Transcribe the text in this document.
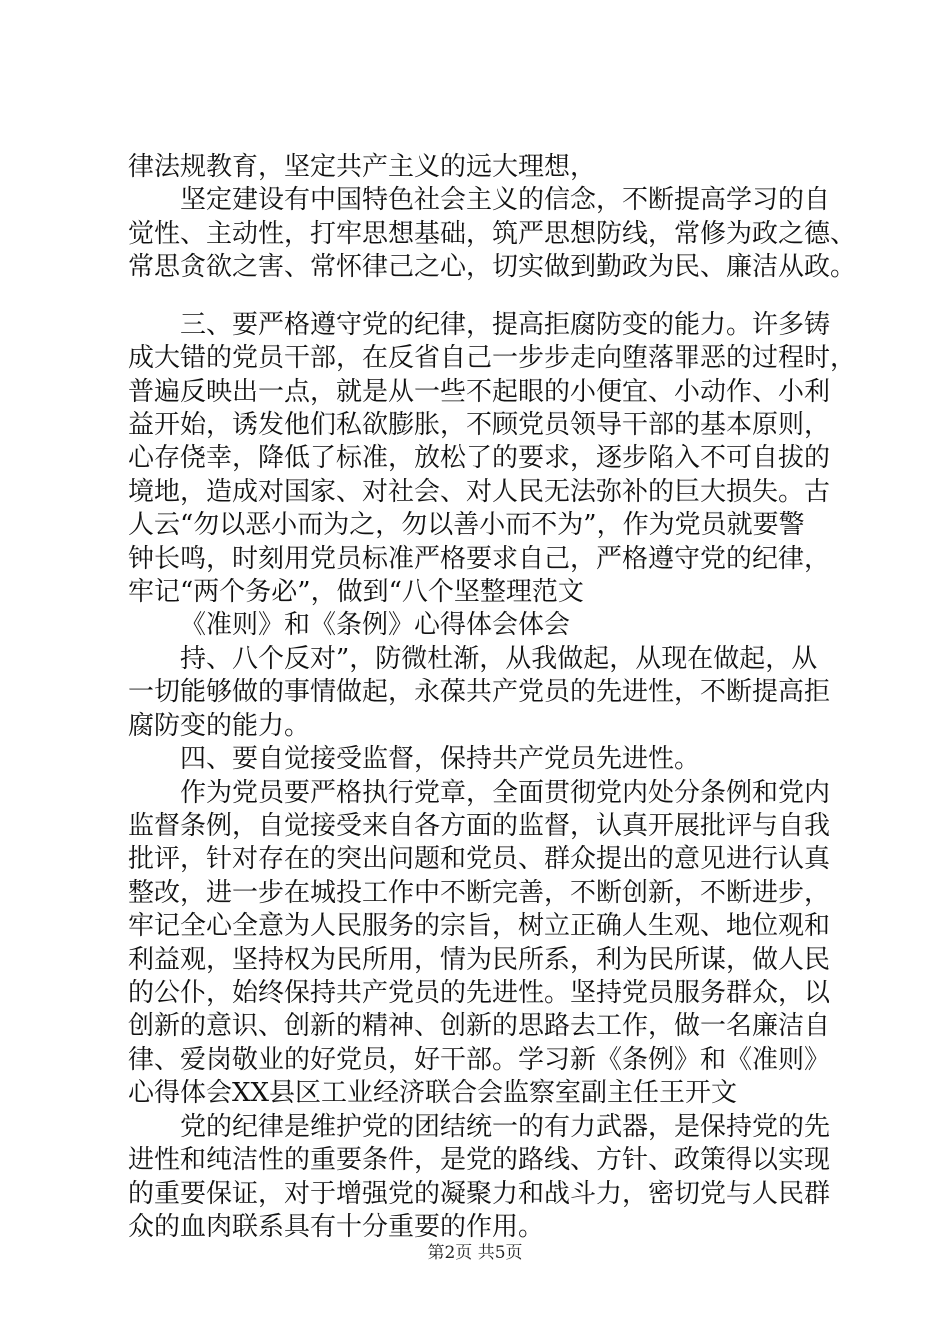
律法规教育，坚定共产主义的远大理想，
坚定建设有中国特色社会主义的信念，不断提高学习的自
觉性、主动性，打牢思想基础，筑严思想防线，常修为政之德、
常思贪欲之害、常怀律己之心，切实做到勤政为民、廉洁从政。
三、要严格遵守党的纪律，提高拒腐防变的能力。许多铸
成大错的党员干部，在反省自己一步步走向堕落罪恶的过程时，
普遍反映出一点，就是从一些不起眼的小便宜、小动作、小利
益开始，诱发他们私欲膨胀，不顾党员领导干部的基本原则，
心存侥幸，降低了标准，放松了的要求，逐步陷入不可自拔的
境地，造成对国家、对社会、对人民无法弥补的巨大损失。古
人云“勿以恶小而为之，勿以善小而不为”，作为党员就要警
钟长鸣，时刻用党员标准严格要求自己，严格遵守党的纪律，
牢记“两个务必”，做到“八个坚整理范文
《准则》和《条例》心得体会体会
持、八个反对”，防微杜渐，从我做起，从现在做起，从
一切能够做的事情做起，永葆共产党员的先进性，不断提高拒
腐防变的能力。
四、要自觉接受监督，保持共产党员先进性。
作为党员要严格执行党章，全面贯彻党内处分条例和党内
监督条例，自觉接受来自各方面的监督，认真开展批评与自我
批评，针对存在的突出问题和党员、群众提出的意见进行认真
整改，进一步在城投工作中不断完善，不断创新，不断进步，
牢记全心全意为人民服务的宗旨，树立正确人生观、地位观和
利益观，坚持权为民所用，情为民所系，利为民所谋，做人民
的公仆，始终保持共产党员的先进性。坚持党员服务群众，以
创新的意识、创新的精神、创新的思路去工作，做一名廉洁自
律、爱岗敬业的好党员，好干部。学习新《条例》和《准则》
心得体会XX县区工业经济联合会监察室副主任王开文
党的纪律是维护党的团结统一的有力武器，是保持党的先
进性和纯洁性的重要条件，是党的路线、方针、政策得以实现
的重要保证，对于增强党的凝聚力和战斗力，密切党与人民群
众的血肉联系具有十分重要的作用。
第2页 共5页
